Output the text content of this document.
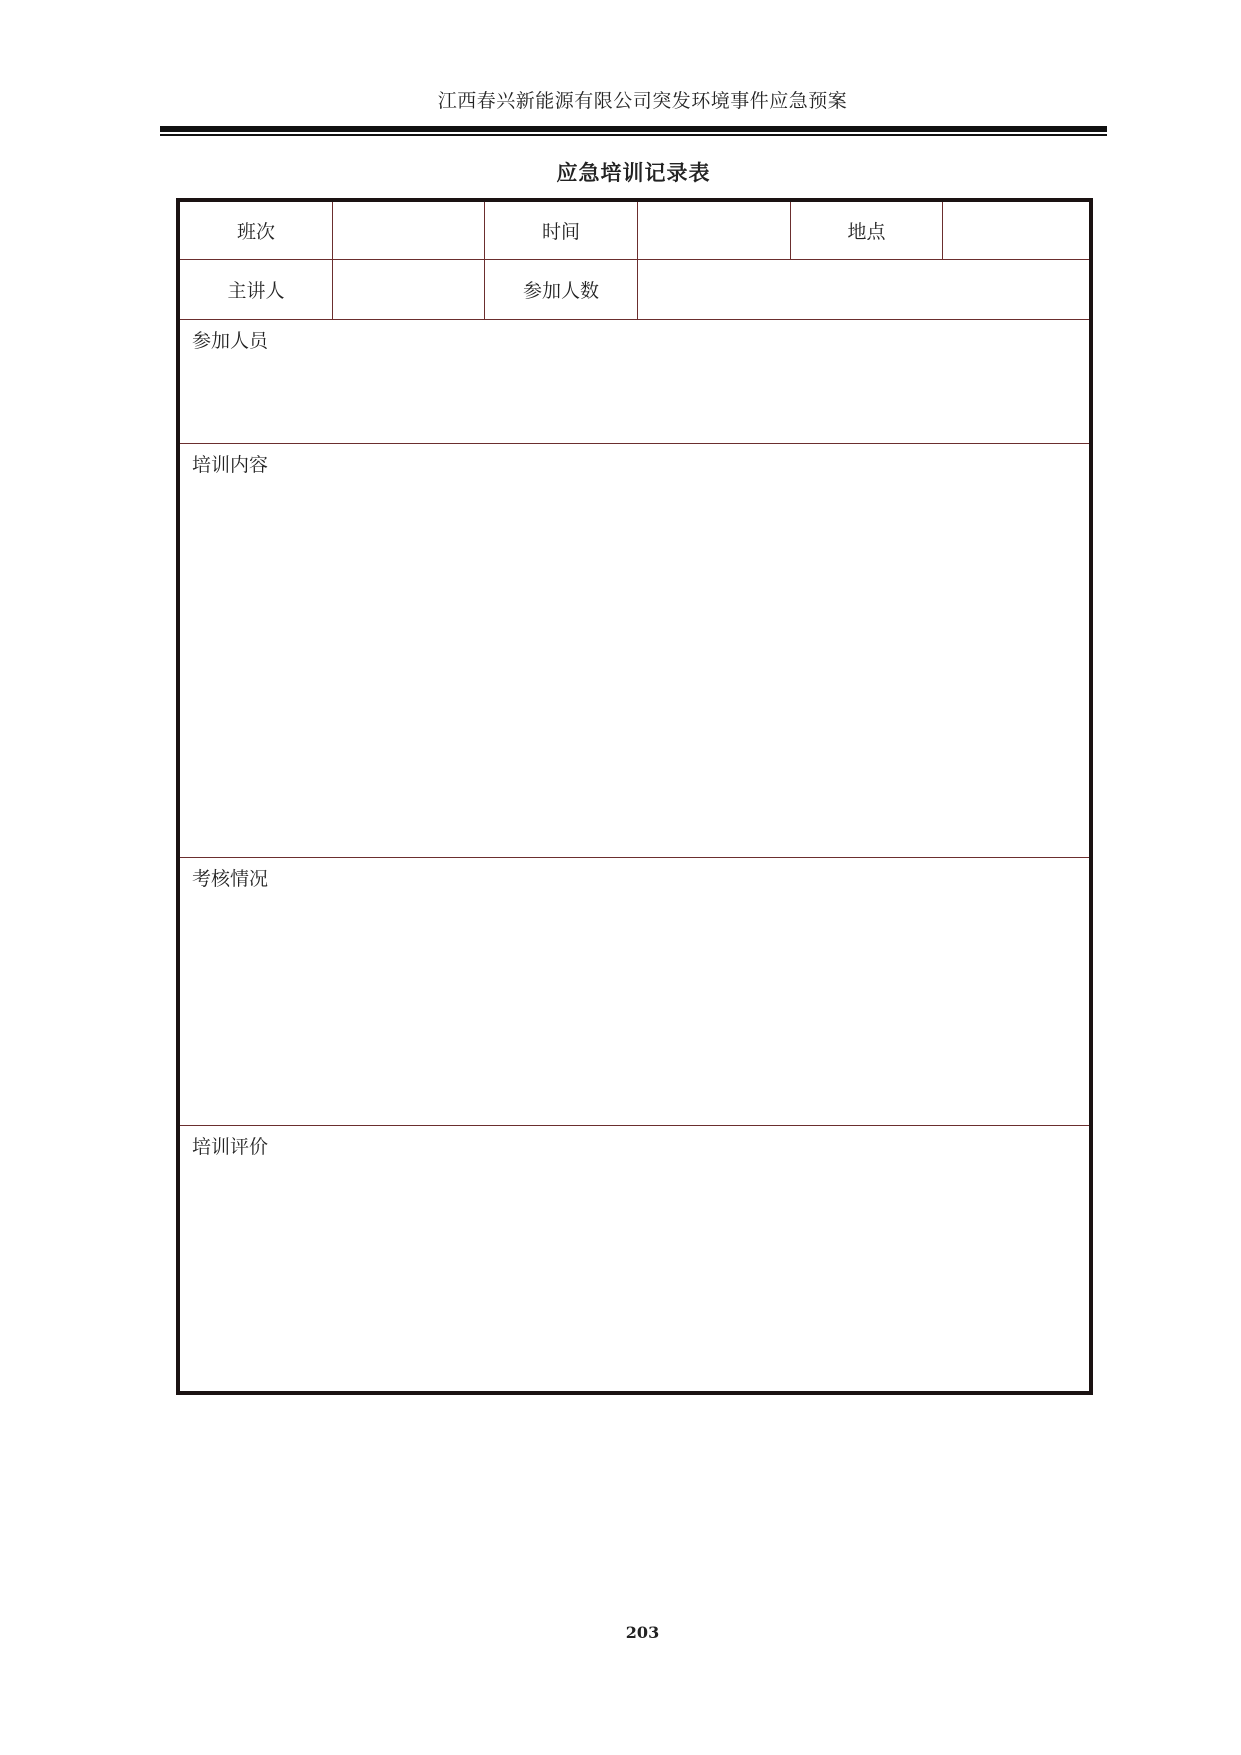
江西春兴新能源有限公司突发环境事件应急预案
应急培训记录表
班次	时间	地点
主讲人	参加人数
参加人员
培训内容
考核情况
培训评价
203
